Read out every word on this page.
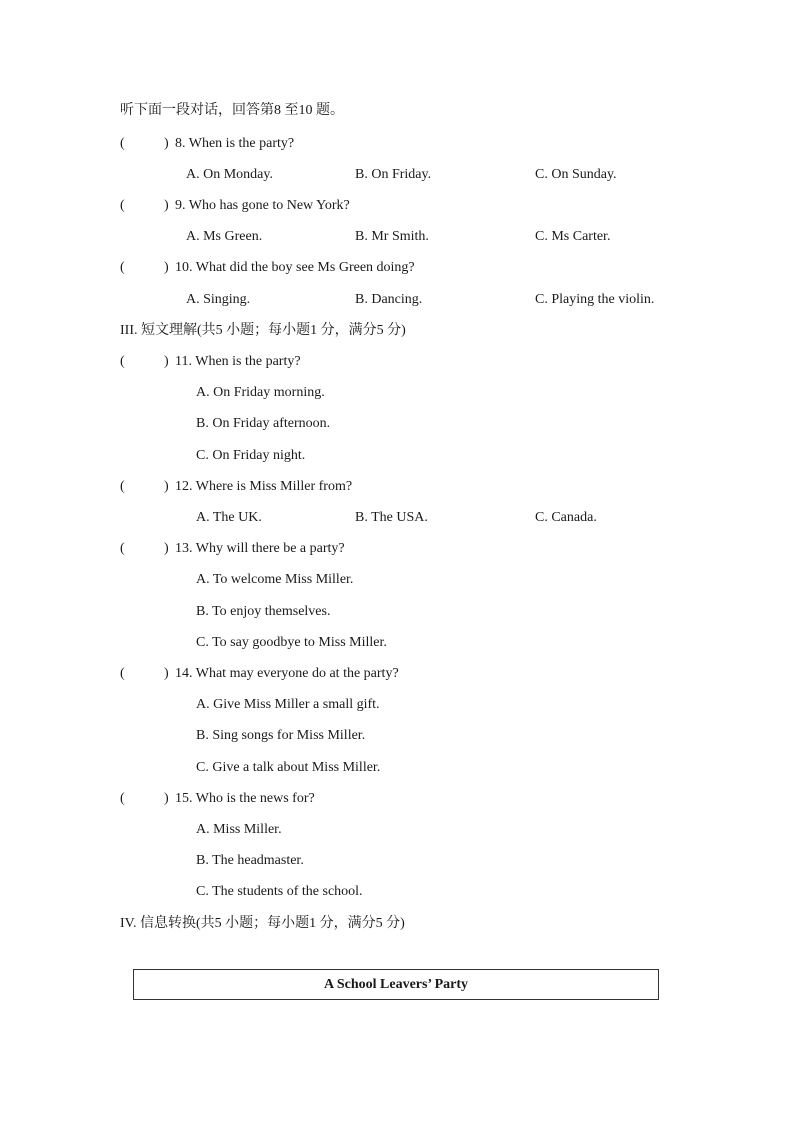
听下面一段对话，回答第8 至10 题。
(	) 8. When is the party?
A. On Monday.	B. On Friday.	C. On Sunday.
(	) 9. Who has gone to New York?
A. Ms Green.	B. Mr Smith.	C. Ms Carter.
(	) 10. What did the boy see Ms Green doing?
A. Singing.	B. Dancing.	C. Playing the violin.
III. 短文理解(共5 小题；每小题1 分，满分5 分)
(	) 11. When is the party?
A. On Friday morning.
B. On Friday afternoon.
C. On Friday night.
(	) 12. Where is Miss Miller from?
A. The UK.	B. The USA.	C. Canada.
(	) 13. Why will there be a party?
A. To welcome Miss Miller.
B. To enjoy themselves.
C. To say goodbye to Miss Miller.
(	) 14. What may everyone do at the party?
A. Give Miss Miller a small gift.
B. Sing songs for Miss Miller.
C. Give a talk about Miss Miller.
(	) 15. Who is the news for?
A. Miss Miller.
B. The headmaster.
C. The students of the school.
IV. 信息转换(共5 小题；每小题1 分，满分5 分)
A School Leavers’ Party
